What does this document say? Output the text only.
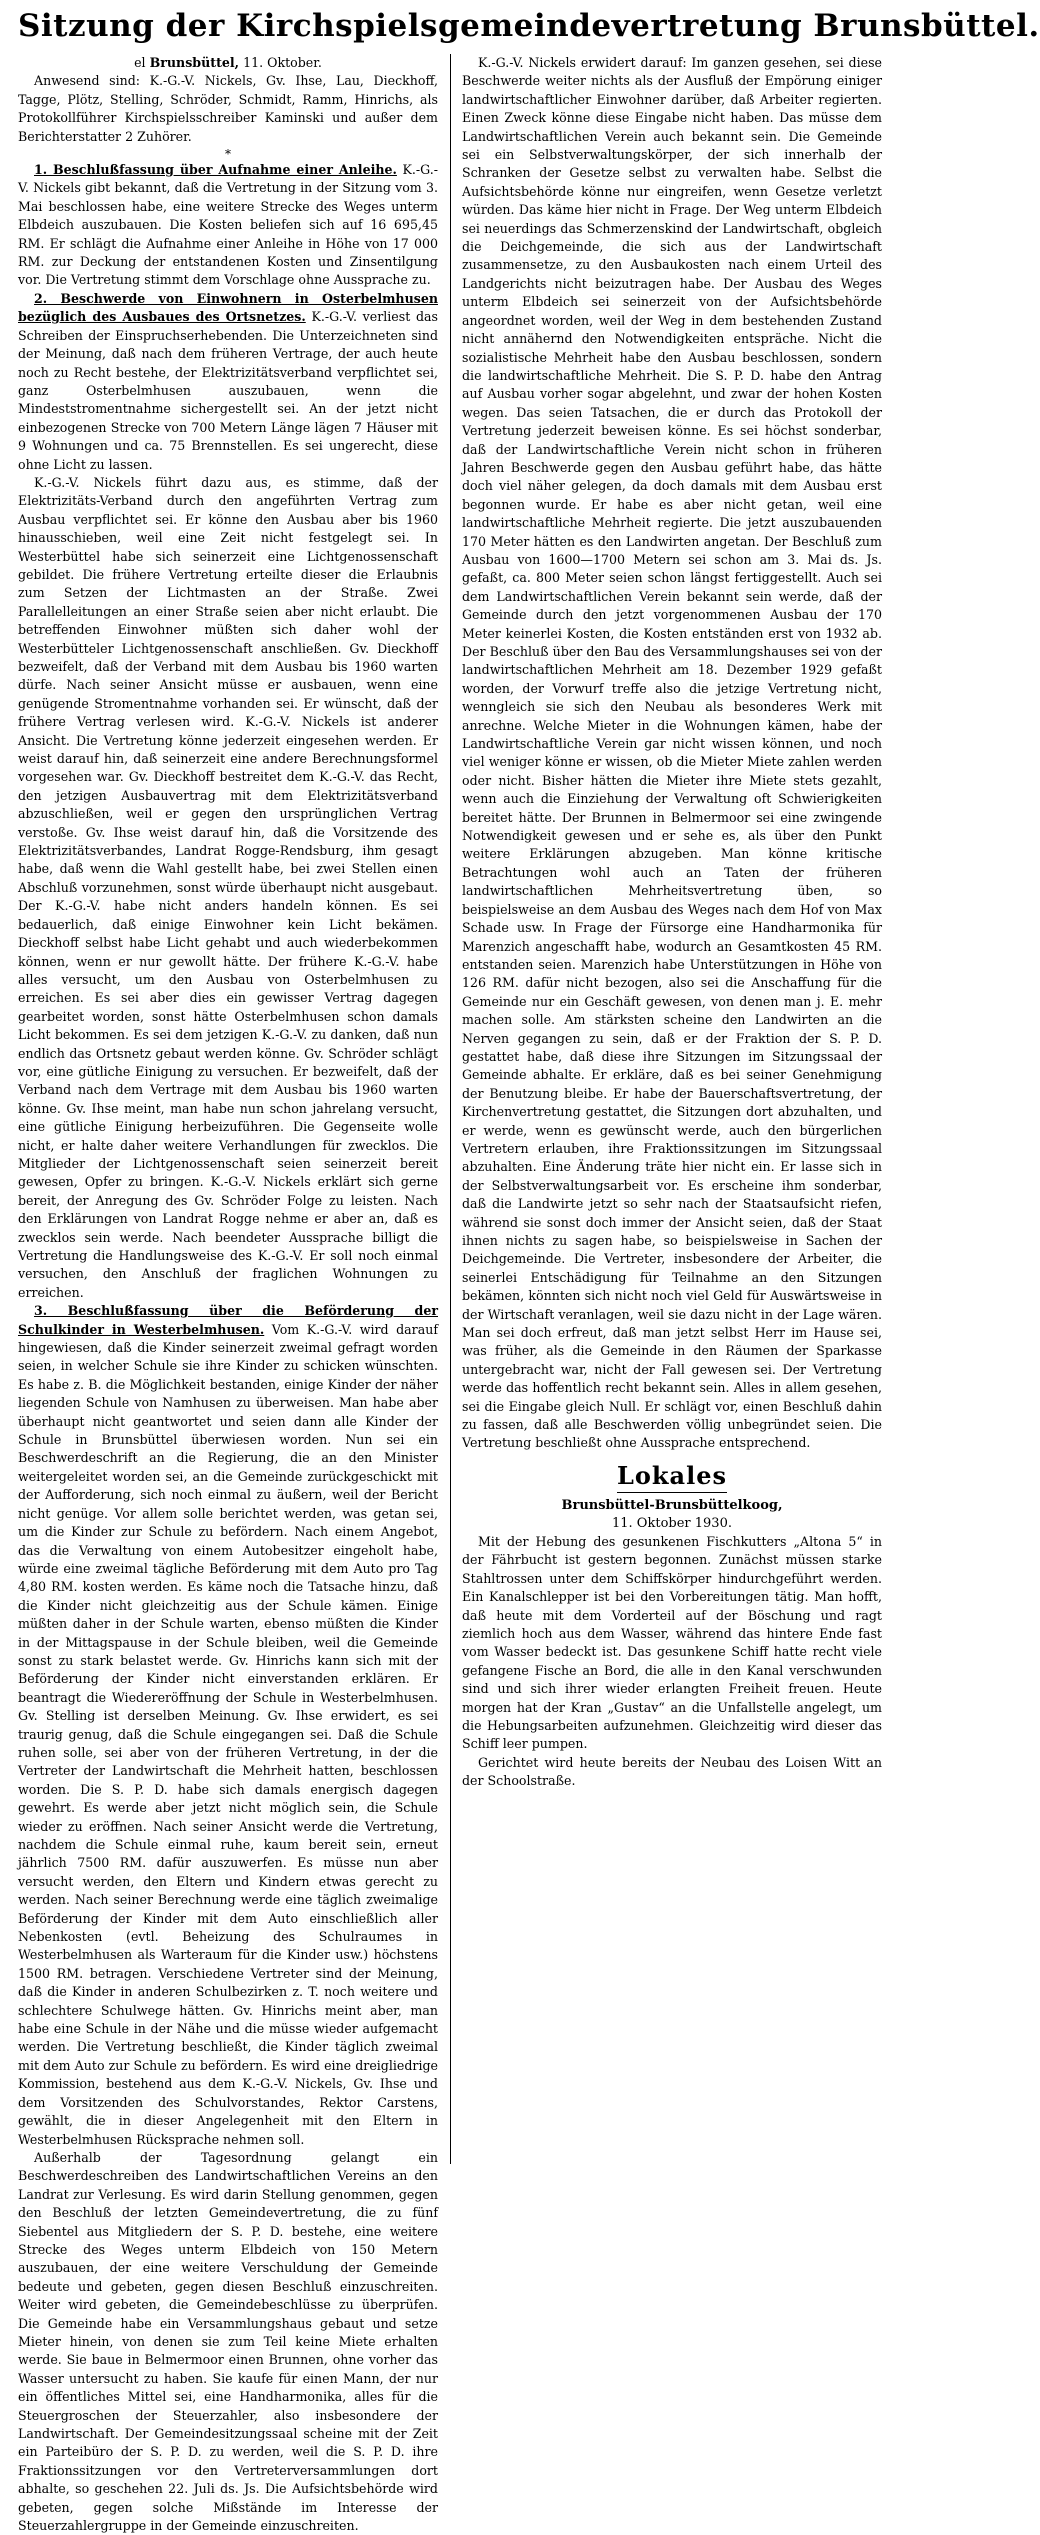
Sitzung der Kirchspielsgemeindevertretung Brunsbüttel.

el Brunsbüttel, 11. Oktober.

Anwesend sind: K.-G.-V. Nickels, Gv. Ihse, Lau, Dieckhoff, Tagge, Plötz, Stelling, Schröder, Schmidt, Ramm, Hinrichs, als Protokollführer Kirchspielsschreiber Kaminski und außer dem Berichterstatter 2 Zuhörer.

*

1. Beschlußfassung über Aufnahme einer Anleihe. K.-G.-V. Nickels gibt bekannt, daß die Vertretung in der Sitzung vom 3. Mai beschlossen habe, eine weitere Strecke des Weges unterm Elbdeich auszubauen. Die Kosten beliefen sich auf 16 695,45 RM. Er schlägt die Aufnahme einer Anleihe in Höhe von 17 000 RM. zur Deckung der entstandenen Kosten und Zinsentilgung vor. Die Vertretung stimmt dem Vorschlage ohne Aussprache zu.

2. Beschwerde von Einwohnern in Osterbelmhusen bezüglich des Ausbaues des Ortsnetzes. K.-G.-V. verliest das Schreiben der Einspruchserhebenden. Die Unterzeichneten sind der Meinung, daß nach dem früheren Vertrage, der auch heute noch zu Recht bestehe, der Elektrizitätsverband verpflichtet sei, ganz Osterbelmhusen auszubauen, wenn die Mindeststromentnahme sichergestellt sei. An der jetzt nicht einbezogenen Strecke von 700 Metern Länge lägen 7 Häuser mit 9 Wohnungen und ca. 75 Brennstellen. Es sei ungerecht, diese ohne Licht zu lassen.

K.-G.-V. Nickels führt dazu aus, es stimme, daß der Elektrizitäts-Verband durch den angeführten Vertrag zum Ausbau verpflichtet sei. Er könne den Ausbau aber bis 1960 hinausschieben, weil eine Zeit nicht festgelegt sei. In Westerbüttel habe sich seinerzeit eine Lichtgenossenschaft gebildet. Die frühere Vertretung erteilte dieser die Erlaubnis zum Setzen der Lichtmasten an der Straße. Zwei Parallelleitungen an einer Straße seien aber nicht erlaubt. Die betreffenden Einwohner müßten sich daher wohl der Westerbütteler Lichtgenossenschaft anschließen. Gv. Dieckhoff bezweifelt, daß der Verband mit dem Ausbau bis 1960 warten dürfe. Nach seiner Ansicht müsse er ausbauen, wenn eine genügende Stromentnahme vorhanden sei. Er wünscht, daß der frühere Vertrag verlesen wird. K.-G.-V. Nickels ist anderer Ansicht. Die Vertretung könne jederzeit eingesehen werden. Er weist darauf hin, daß seinerzeit eine andere Berechnungsformel vorgesehen war. Gv. Dieckhoff bestreitet dem K.-G.-V. das Recht, den jetzigen Ausbauvertrag mit dem Elektrizitätsverband abzuschließen, weil er gegen den ursprünglichen Vertrag verstoße. Gv. Ihse weist darauf hin, daß die Vorsitzende des Elektrizitätsverbandes, Landrat Rogge-Rendsburg, ihm gesagt habe, daß wenn die Wahl gestellt habe, bei zwei Stellen einen Abschluß vorzunehmen, sonst würde überhaupt nicht ausgebaut. Der K.-G.-V. habe nicht anders handeln können. Es sei bedauerlich, daß einige Einwohner kein Licht bekämen. Dieckhoff selbst habe Licht gehabt und auch wiederbekommen können, wenn er nur gewollt hätte. Der frühere K.-G.-V. habe alles versucht, um den Ausbau von Osterbelmhusen zu erreichen. Es sei aber dies ein gewisser Vertrag dagegen gearbeitet worden, sonst hätte Osterbelmhusen schon damals Licht bekommen. Es sei dem jetzigen K.-G.-V. zu danken, daß nun endlich das Ortsnetz gebaut werden könne. Gv. Schröder schlägt vor, eine gütliche Einigung zu versuchen. Er bezweifelt, daß der Verband nach dem Vertrage mit dem Ausbau bis 1960 warten könne. Gv. Ihse meint, man habe nun schon jahrelang versucht, eine gütliche Einigung herbeizuführen. Die Gegenseite wolle nicht, er halte daher weitere Verhandlungen für zwecklos. Die Mitglieder der Lichtgenossenschaft seien seinerzeit bereit gewesen, Opfer zu bringen. K.-G.-V. Nickels erklärt sich gerne bereit, der Anregung des Gv. Schröder Folge zu leisten. Nach den Erklärungen von Landrat Rogge nehme er aber an, daß es zwecklos sein werde. Nach beendeter Aussprache billigt die Vertretung die Handlungsweise des K.-G.-V. Er soll noch einmal versuchen, den Anschluß der fraglichen Wohnungen zu erreichen.

3. Beschlußfassung über die Beförderung der Schulkinder in Westerbelmhusen. Vom K.-G.-V. wird darauf hingewiesen, daß die Kinder seinerzeit zweimal gefragt worden seien, in welcher Schule sie ihre Kinder zu schicken wünschten. Es habe z. B. die Möglichkeit bestanden, einige Kinder der näher liegenden Schule von Namhusen zu überweisen. Man habe aber überhaupt nicht geantwortet und seien dann alle Kinder der Schule in Brunsbüttel überwiesen worden. Nun sei ein Beschwerdeschrift an die Regierung, die an den Minister weitergeleitet worden sei, an die Gemeinde zurückgeschickt mit der Aufforderung, sich noch einmal zu äußern, weil der Bericht nicht genüge. Vor allem solle berichtet werden, was getan sei, um die Kinder zur Schule zu befördern. Nach einem Angebot, das die Verwaltung von einem Autobesitzer eingeholt habe, würde eine zweimal tägliche Beförderung mit dem Auto pro Tag 4,80 RM. kosten werden. Es käme noch die Tatsache hinzu, daß die Kinder nicht gleichzeitig aus der Schule kämen. Einige müßten daher in der Schule warten, ebenso müßten die Kinder in der Mittagspause in der Schule bleiben, weil die Gemeinde sonst zu stark belastet werde. Gv. Hinrichs kann sich mit der Beförderung der Kinder nicht einverstanden erklären. Er beantragt die Wiedereröffnung der Schule in Westerbelmhusen. Gv. Stelling ist derselben Meinung. Gv. Ihse erwidert, es sei traurig genug, daß die Schule eingegangen sei. Daß die Schule ruhen solle, sei aber von der früheren Vertretung, in der die Vertreter der Landwirtschaft die Mehrheit hatten, beschlossen worden. Die S. P. D. habe sich damals energisch dagegen gewehrt. Es werde aber jetzt nicht möglich sein, die Schule wieder zu eröffnen. Nach seiner Ansicht werde die Vertretung, nachdem die Schule einmal ruhe, kaum bereit sein, erneut jährlich 7500 RM. dafür auszuwerfen. Es müsse nun aber versucht werden, den Eltern und Kindern etwas gerecht zu werden. Nach seiner Berechnung werde eine täglich zweimalige Beförderung der Kinder mit dem Auto einschließlich aller Nebenkosten (evtl. Beheizung des Schulraumes in Westerbelmhusen als Warteraum für die Kinder usw.) höchstens 1500 RM. betragen. Verschiedene Vertreter sind der Meinung, daß die Kinder in anderen Schulbezirken z. T. noch weitere und schlechtere Schulwege hätten. Gv. Hinrichs meint aber, man habe eine Schule in der Nähe und die müsse wieder aufgemacht werden. Die Vertretung beschließt, die Kinder täglich zweimal mit dem Auto zur Schule zu befördern. Es wird eine dreigliedrige Kommission, bestehend aus dem K.-G.-V. Nickels, Gv. Ihse und dem Vorsitzenden des Schulvorstandes, Rektor Carstens, gewählt, die in dieser Angelegenheit mit den Eltern in Westerbelmhusen Rücksprache nehmen soll.

Außerhalb der Tagesordnung gelangt ein Beschwerdeschreiben des Landwirtschaftlichen Vereins an den Landrat zur Verlesung. Es wird darin Stellung genommen, gegen den Beschluß der letzten Gemeindevertretung, die zu fünf Siebentel aus Mitgliedern der S. P. D. bestehe, eine weitere Strecke des Weges unterm Elbdeich von 150 Metern auszubauen, der eine weitere Verschuldung der Gemeinde bedeute und gebeten, gegen diesen Beschluß einzuschreiten. Weiter wird gebeten, die Gemeindebeschlüsse zu überprüfen. Die Gemeinde habe ein Versammlungshaus gebaut und setze Mieter hinein, von denen sie zum Teil keine Miete erhalten werde. Sie baue in Belmermoor einen Brunnen, ohne vorher das Wasser untersucht zu haben. Sie kaufe für einen Mann, der nur ein öffentliches Mittel sei, eine Handharmonika, alles für die Steuergroschen der Steuerzahler, also insbesondere der Landwirtschaft. Der Gemeindesitzungssaal scheine mit der Zeit ein Parteibüro der S. P. D. zu werden, weil die S. P. D. ihre Fraktionssitzungen vor den Vertreterversammlungen dort abhalte, so geschehen 22. Juli ds. Js. Die Aufsichtsbehörde wird gebeten, gegen solche Mißstände im Interesse der Steuerzahlergruppe in der Gemeinde einzuschreiten.

K.-G.-V. Nickels erwidert darauf: Im ganzen gesehen, sei diese Beschwerde weiter nichts als der Ausfluß der Empörung einiger landwirtschaftlicher Einwohner darüber, daß Arbeiter regierten. Einen Zweck könne diese Eingabe nicht haben. Das müsse dem Landwirtschaftlichen Verein auch bekannt sein. Die Gemeinde sei ein Selbstverwaltungskörper, der sich innerhalb der Schranken der Gesetze selbst zu verwalten habe. Selbst die Aufsichtsbehörde könne nur eingreifen, wenn Gesetze verletzt würden. Das käme hier nicht in Frage. Der Weg unterm Elbdeich sei neuerdings das Schmerzenskind der Landwirtschaft, obgleich die Deichgemeinde, die sich aus der Landwirtschaft zusammensetze, zu den Ausbaukosten nach einem Urteil des Landgerichts nicht beizutragen habe. Der Ausbau des Weges unterm Elbdeich sei seinerzeit von der Aufsichtsbehörde angeordnet worden, weil der Weg in dem bestehenden Zustand nicht annähernd den Notwendigkeiten entspräche. Nicht die sozialistische Mehrheit habe den Ausbau beschlossen, sondern die landwirtschaftliche Mehrheit. Die S. P. D. habe den Antrag auf Ausbau vorher sogar abgelehnt, und zwar der hohen Kosten wegen. Das seien Tatsachen, die er durch das Protokoll der Vertretung jederzeit beweisen könne. Es sei höchst sonderbar, daß der Landwirtschaftliche Verein nicht schon in früheren Jahren Beschwerde gegen den Ausbau geführt habe, das hätte doch viel näher gelegen, da doch damals mit dem Ausbau erst begonnen wurde. Er habe es aber nicht getan, weil eine landwirtschaftliche Mehrheit regierte. Die jetzt auszubauenden 170 Meter hätten es den Landwirten angetan. Der Beschluß zum Ausbau von 1600—1700 Metern sei schon am 3. Mai ds. Js. gefaßt, ca. 800 Meter seien schon längst fertiggestellt. Auch sei dem Landwirtschaftlichen Verein bekannt sein werde, daß der Gemeinde durch den jetzt vorgenommenen Ausbau der 170 Meter keinerlei Kosten, die Kosten entständen erst von 1932 ab. Der Beschluß über den Bau des Versammlungshauses sei von der landwirtschaftlichen Mehrheit am 18. Dezember 1929 gefaßt worden, der Vorwurf treffe also die jetzige Vertretung nicht, wenngleich sie sich den Neubau als besonderes Werk mit anrechne. Welche Mieter in die Wohnungen kämen, habe der Landwirtschaftliche Verein gar nicht wissen können, und noch viel weniger könne er wissen, ob die Mieter Miete zahlen werden oder nicht. Bisher hätten die Mieter ihre Miete stets gezahlt, wenn auch die Einziehung der Verwaltung oft Schwierigkeiten bereitet hätte. Der Brunnen in Belmermoor sei eine zwingende Notwendigkeit gewesen und er sehe es, als über den Punkt weitere Erklärungen abzugeben. Man könne kritische Betrachtungen wohl auch an Taten der früheren landwirtschaftlichen Mehrheitsvertretung üben, so beispielsweise an dem Ausbau des Weges nach dem Hof von Max Schade usw. In Frage der Fürsorge eine Handharmonika für Marenzich angeschafft habe, wodurch an Gesamtkosten 45 RM. entstanden seien. Marenzich habe Unterstützungen in Höhe von 126 RM. dafür nicht bezogen, also sei die Anschaffung für die Gemeinde nur ein Geschäft gewesen, von denen man j. E. mehr machen solle. Am stärksten scheine den Landwirten an die Nerven gegangen zu sein, daß er der Fraktion der S. P. D. gestattet habe, daß diese ihre Sitzungen im Sitzungssaal der Gemeinde abhalte. Er erkläre, daß es bei seiner Genehmigung der Benutzung bleibe. Er habe der Bauerschaftsvertretung, der Kirchenvertretung gestattet, die Sitzungen dort abzuhalten, und er werde, wenn es gewünscht werde, auch den bürgerlichen Vertretern erlauben, ihre Fraktionssitzungen im Sitzungssaal abzuhalten. Eine Änderung träte hier nicht ein. Er lasse sich in der Selbstverwaltungsarbeit vor. Es erscheine ihm sonderbar, daß die Landwirte jetzt so sehr nach der Staatsaufsicht riefen, während sie sonst doch immer der Ansicht seien, daß der Staat ihnen nichts zu sagen habe, so beispielsweise in Sachen der Deichgemeinde. Die Vertreter, insbesondere der Arbeiter, die seinerlei Entschädigung für Teilnahme an den Sitzungen bekämen, könnten sich nicht noch viel Geld für Auswärtsweise in der Wirtschaft veranlagen, weil sie dazu nicht in der Lage wären. Man sei doch erfreut, daß man jetzt selbst Herr im Hause sei, was früher, als die Gemeinde in den Räumen der Sparkasse untergebracht war, nicht der Fall gewesen sei. Der Vertretung werde das hoffentlich recht bekannt sein. Alles in allem gesehen, sei die Eingabe gleich Null. Er schlägt vor, einen Beschluß dahin zu fassen, daß alle Beschwerden völlig unbegründet seien. Die Vertretung beschließt ohne Aussprache entsprechend.

Lokales

Brunsbüttel-Brunsbüttelkoog,

11. Oktober 1930.

Mit der Hebung des gesunkenen Fischkutters „Altona 5“ in der Fährbucht ist gestern begonnen. Zunächst müssen starke Stahltrossen unter dem Schiffskörper hindurchgeführt werden. Ein Kanalschlepper ist bei den Vorbereitungen tätig. Man hofft, daß heute mit dem Vorderteil auf der Böschung und ragt ziemlich hoch aus dem Wasser, während das hintere Ende fast vom Wasser bedeckt ist. Das gesunkene Schiff hatte recht viele gefangene Fische an Bord, die alle in den Kanal verschwunden sind und sich ihrer wieder erlangten Freiheit freuen. Heute morgen hat der Kran „Gustav“ an die Unfallstelle angelegt, um die Hebungsarbeiten aufzunehmen. Gleichzeitig wird dieser das Schiff leer pumpen.

Gerichtet wird heute bereits der Neubau des Loisen Witt an der Schoolstraße.
